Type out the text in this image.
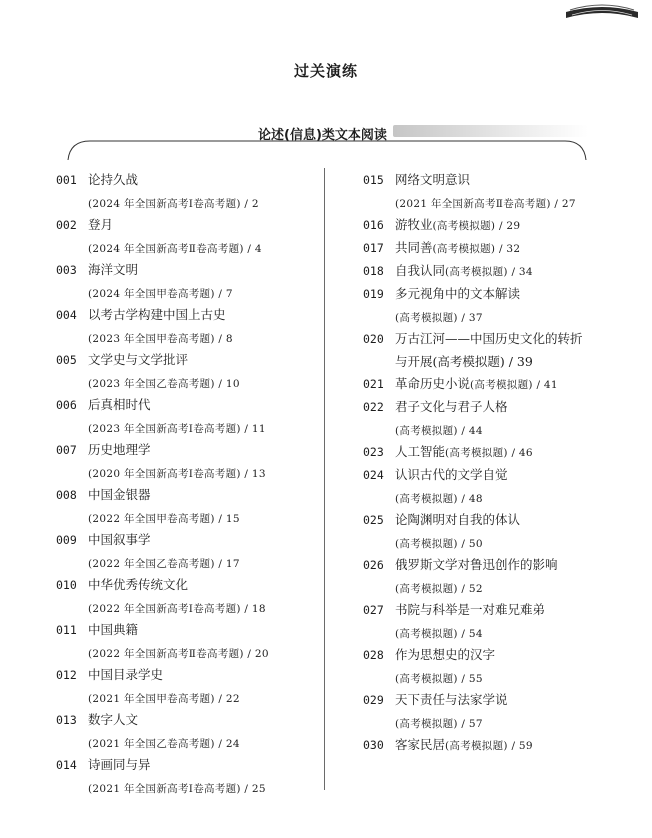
过关演练
论述(信息)类文本阅读
001 论持久战
(2024 年全国新高考Ⅰ卷高考题) / 2
002 登月
(2024 年全国新高考Ⅱ卷高考题) / 4
003 海洋文明
(2024 年全国甲卷高考题) / 7
004 以考古学构建中国上古史
(2023 年全国甲卷高考题) / 8
005 文学史与文学批评
(2023 年全国乙卷高考题) / 10
006 后真相时代
(2023 年全国新高考Ⅰ卷高考题) / 11
007 历史地理学
(2020 年全国新高考Ⅰ卷高考题) / 13
008 中国金银器
(2022 年全国甲卷高考题) / 15
009 中国叙事学
(2022 年全国乙卷高考题) / 17
010 中华优秀传统文化
(2022 年全国新高考Ⅰ卷高考题) / 18
011 中国典籍
(2022 年全国新高考Ⅱ卷高考题) / 20
012 中国目录学史
(2021 年全国甲卷高考题) / 22
013 数字人文
(2021 年全国乙卷高考题) / 24
014 诗画同与异
(2021 年全国新高考Ⅰ卷高考题) / 25
015 网络文明意识
(2021 年全国新高考Ⅱ卷高考题) / 27
016 游牧业(高考模拟题) / 29
017 共同善(高考模拟题) / 32
018 自我认同(高考模拟题) / 34
019 多元视角中的文本解读
(高考模拟题) / 37
020 万古江河——中国历史文化的转折
与开展(高考模拟题) / 39
021 革命历史小说(高考模拟题) / 41
022 君子文化与君子人格
(高考模拟题) / 44
023 人工智能(高考模拟题) / 46
024 认识古代的文学自觉
(高考模拟题) / 48
025 论陶渊明对自我的体认
(高考模拟题) / 50
026 俄罗斯文学对鲁迅创作的影响
(高考模拟题) / 52
027 书院与科举是一对难兄难弟
(高考模拟题) / 54
028 作为思想史的汉字
(高考模拟题) / 55
029 天下责任与法家学说
(高考模拟题) / 57
030 客家民居(高考模拟题) / 59
